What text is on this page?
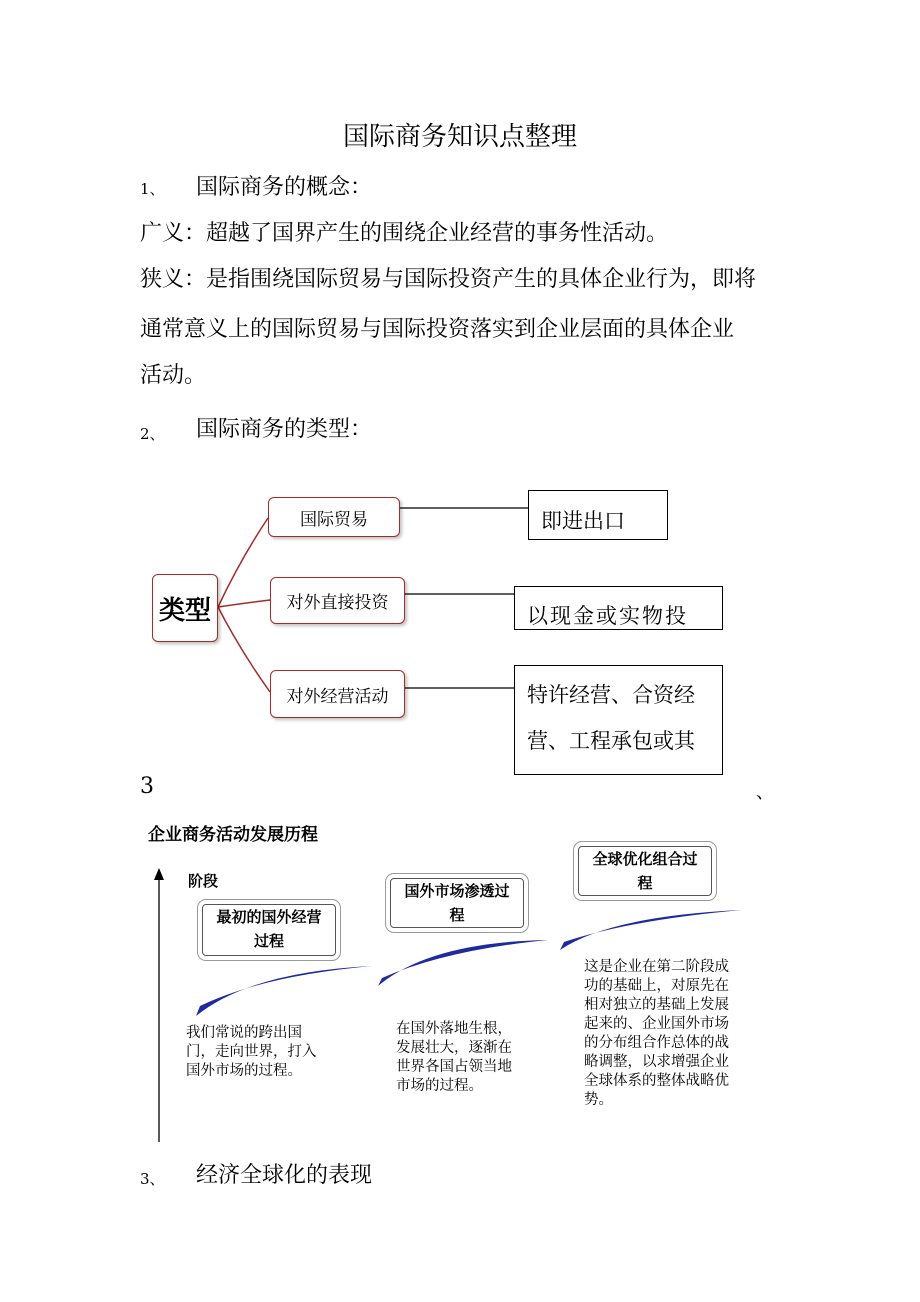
国际商务知识点整理
1、 国际商务的概念：
广义：超越了国界产生的围绕企业经营的事务性活动。
狭义：是指围绕国际贸易与国际投资产生的具体企业行为，即将
通常意义上的国际贸易与国际投资落实到企业层面的具体企业
活动。
2、 国际商务的类型：
类型
国际贸易
对外直接投资
对外经营活动
即进出口
以现金或实物投
特许经营、合资经
营、工程承包或其
3	、
企业商务活动发展历程
阶段
最初的国外经营
过程
国外市场渗透过
程
全球优化组合过
程
我们常说的跨出国
门，走向世界，打入
国外市场的过程。
在国外落地生根，
发展壮大，逐渐在
世界各国占领当地
市场的过程。
这是企业在第二阶段成
功的基础上，对原先在
相对独立的基础上发展
起来的、企业国外市场
的分布组合作总体的战
略调整，以求增强企业
全球体系的整体战略优
势。
3、 经济全球化的表现
